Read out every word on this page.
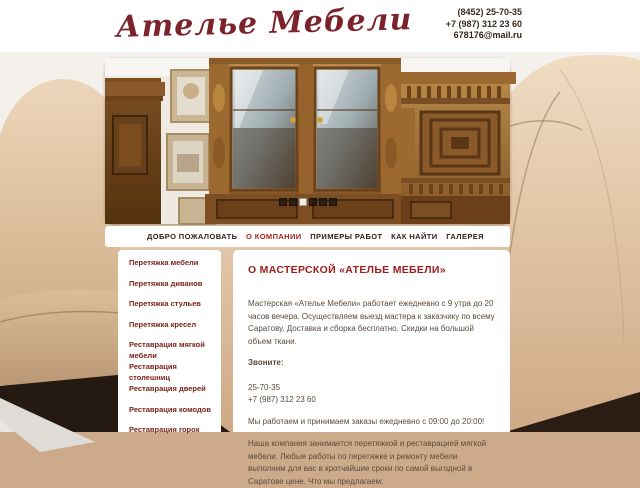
Ателье Мебели	(8452) 25-70-35
+7 (987) 312 23 60
678176@mail.ru
ДОБРО ПОЖАЛОВАТЬ О КОМПАНИИ ПРИМЕРЫ РАБОТ КАК НАЙТИ ГАЛЕРЕЯ
Перетяжка мебели
Перетяжка диванов
Перетяжка стульев
Перетяжка кресел
Реставрация мягкой мебели
Реставрация столешниц
Реставрация дверей
Реставрация комодов
Реставрация горок
О МАСТЕРСКОЙ «АТЕЛЬЕ МЕБЕЛИ»

Мастерская «Ателье Мебели» работает ежедневно с 9 утра до 20 часов вечера. Осуществляем выезд мастера к заказчику по всему Саратову. Доставка и сборка бесплатно. Скидки на большой объем ткани.

Звоните:
25-70-35
+7 (987) 312 23 60
Мы работаем и принимаем заказы ежедневно с 09:00 до 20:00!

Наша компания занимается перетяжкой и реставрацией мягкой мебели. Любые работы по перетяжке и ремонту мебели выполним для вас в кротчайшие сроки по самой выгодной в Саратове цене. Что мы предлагаем:
